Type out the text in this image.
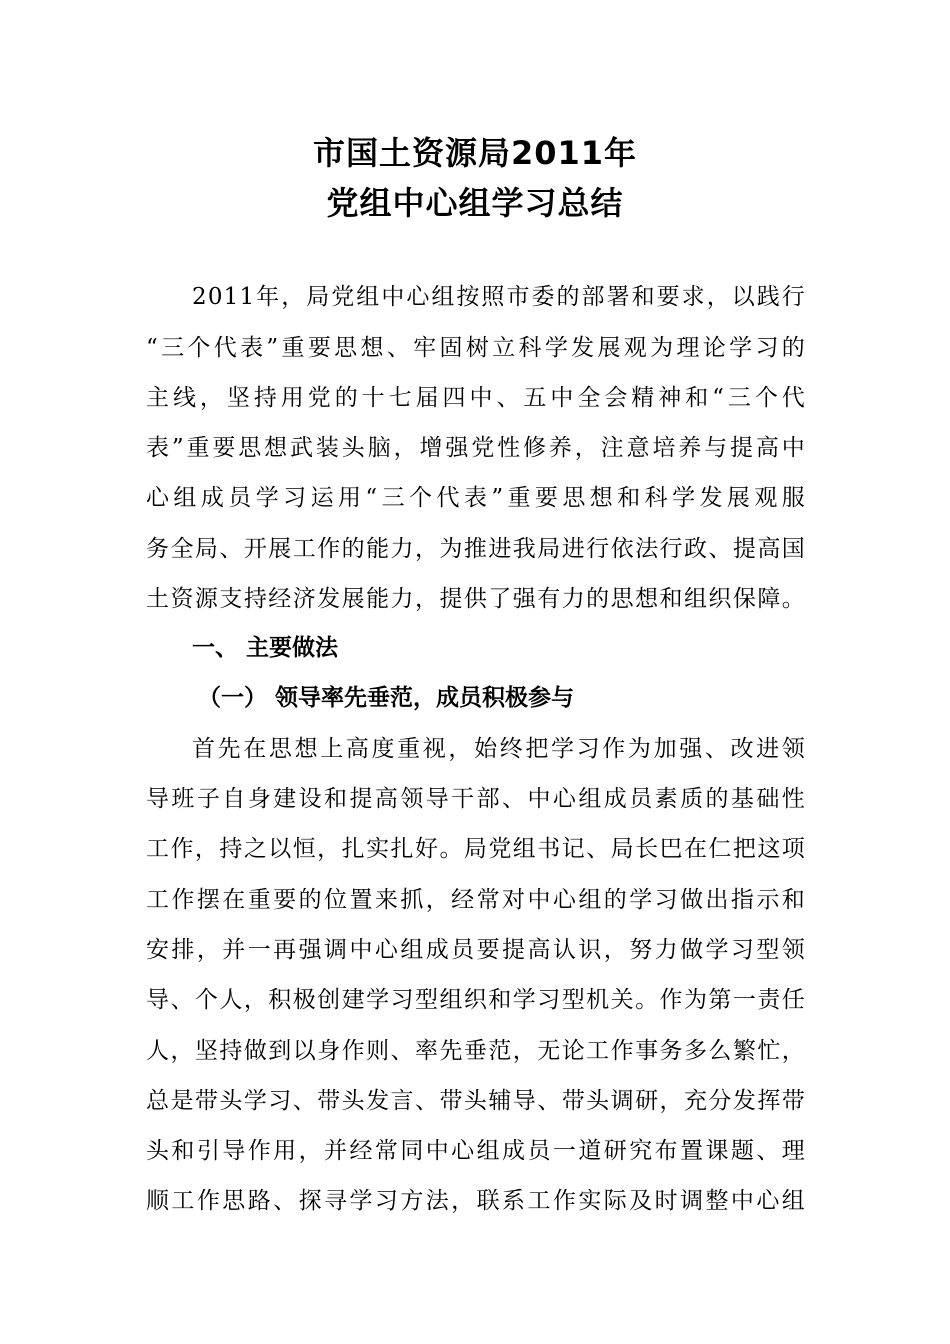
市国土资源局2011年
党组中心组学习总结
2011年，局党组中心组按照市委的部署和要求，以践行
“三个代表”重要思想、牢固树立科学发展观为理论学习的
主线，坚持用党的十七届四中、五中全会精神和“三个代
表”重要思想武装头脑，增强党性修养，注意培养与提高中
心组成员学习运用“三个代表”重要思想和科学发展观服
务全局、开展工作的能力，为推进我局进行依法行政、提高国
土资源支持经济发展能力，提供了强有力的思想和组织保障。
一、 主要做法
（一） 领导率先垂范，成员积极参与
首先在思想上高度重视，始终把学习作为加强、改进领
导班子自身建设和提高领导干部、中心组成员素质的基础性
工作，持之以恒，扎实扎好。局党组书记、局长巴在仁把这项
工作摆在重要的位置来抓，经常对中心组的学习做出指示和
安排，并一再强调中心组成员要提高认识，努力做学习型领
导、个人，积极创建学习型组织和学习型机关。作为第一责任
人，坚持做到以身作则、率先垂范，无论工作事务多么繁忙，
总是带头学习、带头发言、带头辅导、带头调研，充分发挥带
头和引导作用，并经常同中心组成员一道研究布置课题、理
顺工作思路、探寻学习方法，联系工作实际及时调整中心组
